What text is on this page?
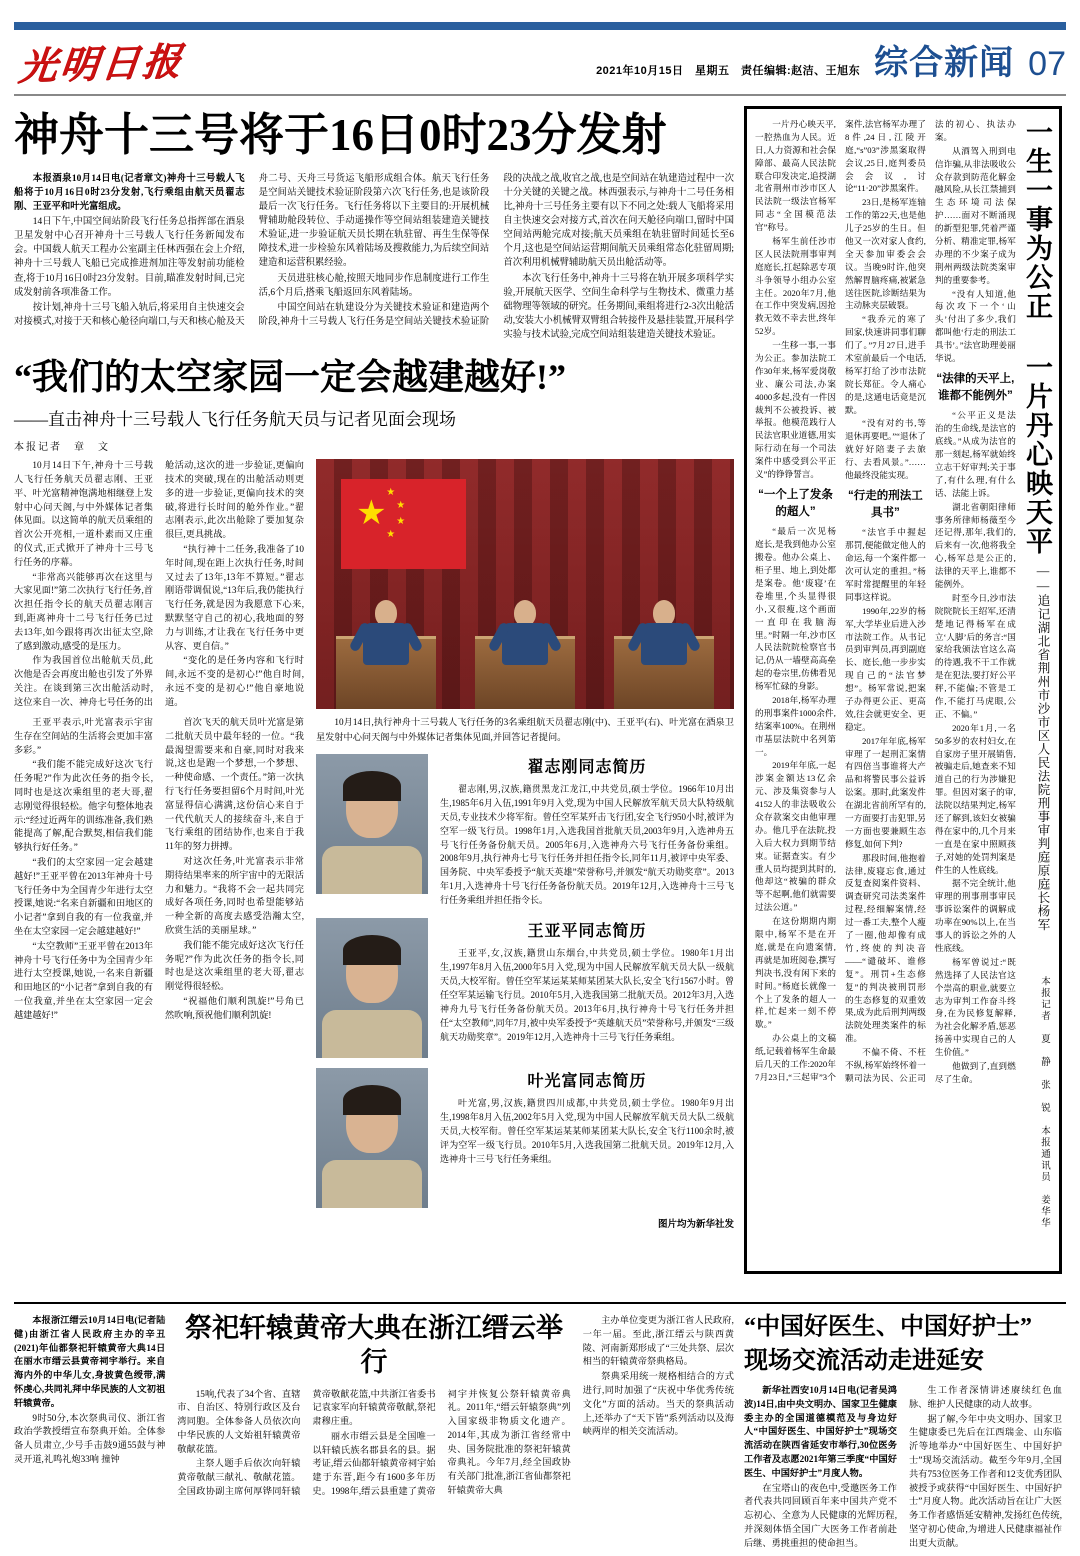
光明日报	2021年10月15日　星期五　责任编辑:赵洁、王旭东 综合新闻 07
神舟十三号将于16日0时23分发射

本报酒泉10月14日电(记者章文)神舟十三号载人飞船将于10月16日0时23分发射,飞行乘组由航天员翟志刚、王亚平和叶光富组成。

14日下午,中国空间站阶段飞行任务总指挥部在酒泉卫星发射中心召开神舟十三号载人飞行任务新闻发布会。中国载人航天工程办公室副主任林西强在会上介绍,神舟十三号载人飞船已完成推进剂加注等发射前功能检查,将于10月16日0时23分发射。目前,瞄准发射时间,已完成发射前各项准备工作。

按计划,神舟十三号飞船入轨后,将采用自主快速交会对接模式,对接于天和核心舱径向端口,与天和核心舱及天舟二号、天舟三号货运飞船形成组合体。航天飞行任务是空间站关键技术验证阶段第六次飞行任务,也是该阶段最后一次飞行任务。飞行任务将以下主要目的:开展机械臂辅助舱段转位、手动遥操作等空间站组装建造关键技术验证,进一步验证航天员长期在轨驻留、再生生保等保障技术,进一步检验东风着陆场及搜救能力,为后续空间站建造和运营积累经验。

天员进驻核心舱,按照天地同步作息制度进行工作生活,6个月后,搭乘飞船返回东风着陆场。

中国空间站在轨建设分为关键技术验证和建造两个阶段,神舟十三号载人飞行任务是空间站关键技术验证阶段的决战之战,收官之战,也是空间站在轨建造过程中一次十分关键的关键之战。林西强表示,与神舟十二号任务相比,神舟十三号任务主要有以下不同之处:载人飞船将采用自主快速交会对接方式,首次在问天舱径向端口,留时中国空间站两舱完成对接;航天员乘组在轨驻留时间延长至6个月,这也是空间站运营期间航天员乘组常态化驻留周期;首次利用机械臂辅助航天员出舱活动等。

本次飞行任务中,神舟十三号将在轨开展多项科学实验,开展航天医学、空间生命科学与生物技术、微重力基础物理等领域的研究。任务期间,乘组将进行2-3次出舱活动,安装大小机械臂双臂组合转接件及悬挂装置,开展科学实验与技术试验,完成空间站组装建造关键技术验证。

“我们的太空家园一定会越建越好!”
——直击神舟十三号载人飞行任务航天员与记者见面会现场
本报记者　章　文

10月14日下午,神舟十三号载人飞行任务航天员翟志刚、王亚平、叶光富精神饱满地相继登上发射中心问天阁,与中外媒体记者集体见面。以这简单的航天员乘组的首次公开亮相,一道朴素而又庄重的仪式,正式掀开了神舟十三号飞行任务的序幕。

“非常高兴能够再次在这里与大家见面!”第二次执行飞行任务,首次担任指令长的航天员翟志刚言到,距离神舟十二号飞行任务已过去13年,如今跟将再次出征太空,除了感到激动,感受的是压力。

作为我国首位出舱航天员,此次他是否会再度出舱也引发了外界关注。在谈到第三次出舱活动时,这位来自一次、神舟七号任务的出舱活动,这次的进一步验证,更偏向技术的突破,现在的出舱活动则更多的进一步验证,更偏向技术的突破,将进行长时间的舱外作业。”翟志刚表示,此次出舱除了要加复杂很巨,更具挑战。

“执行神十二任务,我准备了10年时间,现在距上次执行任务,时间又过去了13年,13年不算短。”翟志刚语带调侃说,“13年后,我仍能执行飞行任务,就是因为我愿意下心来,默默坚守自己的初心,我地面的努力与训练,才让我在飞行任务中更从容、更自信。”

“变化的是任务内容和飞行时间,永远不变的是初心!”他自时间,永远不变的是初心!”他自豪地说道。

★
★
★
★
★
10月14日,执行神舟十三号载人飞行任务的3名乘组航天员翟志刚(中)、王亚平(右)、叶光富在酒泉卫星发射中心问天阁与中外媒体记者集体见面,并回答记者提问。
翟志刚同志简历
翟志刚,男,汉族,籍贯黑龙江龙江,中共党员,硕士学位。1966年10月出生,1985年6月入伍,1991年9月入党,现为中国人民解放军航天员大队特级航天员,专业技术少将军衔。曾任空军某歼击飞行团,安全飞行950小时,被评为空军一级飞行员。1998年1月,入选我国首批航天员,2003年9月,入选神舟五号飞行任务备份航天员。2005年6月,入选神舟六号飞行任务备份乘组。2008年9月,执行神舟七号飞行任务并担任指令长,同年11月,被评中央军委、国务院、中央军委授予“航天英雄”荣誉称号,并颁发“航天功勋奖章”。2013年1月,入选神舟十号飞行任务备份航天员。2019年12月,入选神舟十三号飞行任务乘组并担任指令长。
王亚平同志简历
王亚平,女,汉族,籍贯山东烟台,中共党员,硕士学位。1980年1月出生,1997年8月入伍,2000年5月入党,现为中国人民解放军航天员大队一级航天员,大校军衔。曾任空军某运某某师某团某大队长,安全飞行1567小时。曾任空军某运输飞行员。2010年5月,入选我国第二批航天员。2012年3月,入选神舟九号飞行任务备份航天员。2013年6月,执行神舟十号飞行任务并担任“太空教师”,同年7月,被中央军委授予“英雄航天员”荣誉称号,并颁发“三级航天功勋奖章”。2019年12月,入选神舟十三号飞行任务乘组。
叶光富同志简历
叶光富,男,汉族,籍贯四川成都,中共党员,硕士学位。1980年9月出生,1998年8月入伍,2002年5月入党,现为中国人民解放军航天员大队二级航天员,大校军衔。曾任空军某运某某师某团某大队长,安全飞行1100余时,被评为空军一级飞行员。2010年5月,入选我国第二批航天员。2019年12月,入选神舟十三号飞行任务乘组。
图片均为新华社发

王亚平表示,叶光富表示宇宙生存在空间站的生活将会更加丰富多彩。”

“我们能不能完成好这次飞行任务呢?”作为此次任务的指令长,同时也是这次乘组里的老大哥,翟志刚觉得很轻松。他字句整体地表示:“经过近两年的训练准备,我们熟能提高了解,配合默契,相信我们能够执行好任务。”

“我们的太空家园一定会越建越好!”王亚平曾在2013年神舟十号飞行任务中为全国青少年进行太空授课,她说:“名来自新疆和田地区的小记者”拿到自我的有一位我童,并坐在太空家园一定会越建越好!”

“太空教师”王亚平曾在2013年神舟十号飞行任务中为全国青少年进行太空授课,她说,一名来自新疆和田地区的“小记者”拿到自我的有一位我童,并坐在太空家园一定会越建越好!”

首次飞天的航天员叶光富是第二批航天员中最年轻的一位。“我最渴望需要来和自豪,同时对我来说,这也是跑一个梦想,一个梦想、一种使命感、一个责任。”第一次执行飞行任务要担留6个月时间,叶光富显得信心满满,这份信心来自于一代代航天人的接续奋斗,来自于飞行乘组的团结协作,也来自于我11年的努力拼搏。

对这次任务,叶光富表示非常期待结果率来的所宇宙中的无限活力和魅力。“我将不会一起共同完成好各项任务,同时也希望能够站一种全新的高度去感受浩瀚太空,欣赏生活的美丽星球。”

我们能不能完成好这次飞行任务呢?”作为此次任务的指令长,同时也是这次乘组里的老大哥,翟志刚觉得很轻松。

“祝福他们顺利凯旋!”号角已然吹响,预祝他们顺利凯旋!

一生一事为公正 一片丹心映天平
——追记湖北省荆州市沙市区人民法院刑事审判庭原庭长杨军
本报记者　夏　静　张　锐　本报通讯员　姜华华

一片丹心映天平,一腔热血为人民。近日,人力资源和社会保障部、最高人民法院联合印发决定,追授湖北省荆州市沙市区人民法院一级法官杨军同志“全国模范法官”称号。

杨军生前任沙市区人民法院刑事审判庭庭长,扛起除恶专项斗争领导小组办公室主任。2020年7月,他在工作中突发病,因抢救无效不幸去世,终年52岁。

一生移一事,一事为公正。参加法院工作30年来,杨军爱岗敬业、廉公司法,办案4000多起,没有一件因裁判不公被投诉、被举报。他模范践行人民法官职业道德,用实际行动在每一个司法案件中感受到公平正义”的铮铮誓言。

“一个上了发条的超人”

“最后一次见杨庭长,是我到他办公室搬卷。他办公桌上、柜子里、地上,到处都是案卷。他‘废寝’在卷堆里,个头显得很小,又很瘦,这个画面一直印在我脑海里。”时隔一年,沙市区人民法院院检察官书记,仍从一墙壁高高垒起的卷宗里,仿佛看见杨军忙碌的身影。

2018年,杨军办理的刑事案件1000余件,结案率100%。在荆州市基层法院中名列第一。

2019年年底,一起涉案金额达13亿余元、涉及集资参与人4152人的非法吸收公众存款案交由他审理办。他几乎在法院,投入后大权力到期节结束。证据查实。有少重人员均提到其时的,他却这“被骗的群众等不起啊,他们就需要过法公道。”

在这份期期内期限中,杨军不是在开庭,就是在向遗案情,再就是加班阅卷,撰写判决书,没有闲下来的时间。”杨庭长就像一个上了发条的超人一样,忙起来一刻不停歇。”

办公桌上的文稿纸,记载着杨军生命最后几天的工作:2020年7月23日,“三起审”3个案件,法官杨军办理了8件,24日,江陵开庭,“s”03”涉黑案取得会议,25日,庭判委员会会议,讨论“11·20”涉黑案件。

23日,是杨军连轴工作的第22天,也是他儿子25岁的生日。但他又一次对家人食约,全天参加审委会会议。当晚9时许,他突然解胃脑疼痛,被紧急送往医院,诊断结果为主动脉夹层破裂。

“我乔元的寒了回家,快速讲同事们聊们了。”7月27日,进手术室前最后一个电话,杨军打给了沙市法院院长郑征。令人痛心的是,这通电话竟是沉默。

“没有对约书,等退休再要吧。”“退休了就好好陪妻子去旅行、去看风景。”……他最终没能实现。

“行走的刑法工具书”

“法官手中握起那罚,便能做定他人的命运,每一个案件都一次可认定的重担。”杨军时常提醒里的年轻同事这样说。

1990年,22岁的杨军,大学毕业后进入沙市法院工作。从书记员到审判员,再到副庭长、庭长,他一步步实现自己的“法官梦想”。杨军常说,把案子办得更公正、更高效,往会就更安全、更稳定。

2017年年底,杨军审理了一起刑汇案情有四倍当事谁将大产品和将警民事公益诉讼案。那时,此案发件在湖北省前所罕有的,一方面要打击犯罪,另一方面也要兼顾生态修复,如何下判?

那段时间,他抱着法律,废寝忘食,通过反复查阅案件资料、调查研究司法类案件过程,经细解案情,经过一番工夫,整个人瘦了一圈,他却像有成竹,终使的判决音——“谴破坏、谁修复”。刑罚+生态修复”的判决被刑罚形的生态修复的双重效果,成为此后刑判两级法院处理类案件的标准。

不偏不倚、不枉不纵,杨军始终怀着一颗司法为民、公正司法的初心、执法办案。

从酒驾入刑到电信诈骗,从非法吸收公众存款到防范化解金融风险,从长江禁捕到生态环境司法保护……面对不断涌现的新型犯罪,凭着严谨分析、精准定罪,杨军办理的不少案子成为荆州两级法院类案审判的重要参考。

“没有人知道,他每次攻下一个‘山头’付出了多少,我们都叫他‘行走的刑法工具书’。”法官助理姜丽华说。

“法律的天平上,谁都不能例外”

“公平正义是法治的生命线,是法官的底线。”从成为法官的那一刻起,杨军就始终立志干好审判;关于事了,有什么理,有什么话、法能上诉。

湖北省朝阳律师事务所律师杨薇至今还记得,那年,我们的,后来有一次,他将我全心,杨军总是公正的,法律的天平上,谁都不能例外。

时至今日,沙市法院院院长王绍军,还清楚地记得杨军在成立‘人脚’后的务言:“国家给我颁法官这么高的待遇,我不干工作就是在犯法,要打好公平秤,不能偏;不管是工作,不能打马虎眼,公正、不偏。”

2020年1月,一名50多岁的农村妇女,在自家房子里开展销售,被骗走后,她查来不知道自己的行为涉嫌犯罪。但因对案子的审,法院以结果判定,杨军还了解到,该妇女被骗得在家中的,几个月来一直是在家中照顾孩子,对她的处罚判案是件生的人性底线。

据不完全统计,他审理的刑事刑事审民事诉讼案件的调解成功率在90%以上,在当事人的诉讼之外的人性底线。

杨军曾说过:“既然选择了人民法官这个崇高的职业,就要立志为审判工作奋斗终身,在为民修复解释,为社会化解矛盾,惩恶扬善中实现自己的人生价值。”

他做到了,直到燃尽了生命。

本报浙江缙云10月14日电(记者陆健)由浙江省人民政府主办的辛丑(2021)年仙都祭祀轩辕黄帝大典14日在丽水市缙云县黄帝祠宇举行。来自海内外的中华儿女,身披黄色绶带,满怀虔心,共同礼拜中华民族的人文初祖轩辕黄帝。

9时50分,本次祭典司仪、浙江省政治学教授缙宣布祭典开始。全体参备人员肃立,少号手击鼓9通55鼓与神灵开道,礼鸣礼炮33响 撞钟

祭祀轩辕黄帝大典在浙江缙云举行

15响,代表了34个省、直辖市、自治区、特别行政区及台湾同胞。全体参备人员依次向中华民族的人文始祖轩辕黄帝敬献花篮。

主祭人题手后依次向轩辕黄帝敬献三献礼、敬献花篮。全国政协副主席何厚铧同轩辕黄帝敬献花篮,中共浙江省委书记袁家军向轩辕黄帝敬献,祭祀肃穆庄重。

丽水市缙云县是全国唯一以轩辕氏族名郡县名的县。据考证,缙云仙都轩辕黄帝祠宇始建于东晋,距今有1600多年历史。1998年,缙云县重建了黄帝祠宇并恢复公祭轩辕黄帝典礼。2011年,“缙云轩辕祭典”列入国家级非物质文化遗产。2014年,其成为浙江省经常中央、国务院批准的祭祀轩辕黄帝典礼。今年7月,经全国政协有关部门批准,浙江省仙都祭祀轩辕黄帝大典

主办单位变更为浙江省人民政府,一年一届。至此,浙江缙云与陕西黄陵、河南新郑形成了“三处共祭、层次相当的轩辕黄帝祭典格局。

祭典采用统一规格相结合的方式进行,同时加强了“庆祝中华优秀传统文化”方面的活动。当天的祭典活动上,还举办了“天下皆”系列活动以及海峡两岸的相关交流活动。

“中国好医生、中国好护士”
现场交流活动走进延安

新华社西安10月14日电(记者吴鸿波)14日,由中央文明办、国家卫生健康委主办的全国道德模范及与身边好人“中国好医生、中国好护士”现场交流活动在陕西省延安市举行,30位医务工作者及志愿2021年第三季度“中国好医生、中国好护士”月度人物。

在宝塔山的夜色中,受邀医务工作者代表共同回顾百年来中国共产党不忘初心、全意为人民健康的光辉历程,并深刻体悟全国广大医务工作者前赴后继、勇挑重担的使命担当。

生工作者深情讲述赓续红色血脉、维护人民健康的动人故事。

据了解,今年中央文明办、国家卫生健康委已先后在江西瑞金、山东临沂等地举办“中国好医生、中国好护士”现场交流活动。截至今年9月,全国共有753位医务工作者和12支优秀团队被授予或获得“中国好医生、中国好护士”月度人物。此次活动旨在让广大医务工作者感悟延安精神,发扬红色传统,坚守初心使命,为增进人民健康福祉作出更大贡献。
